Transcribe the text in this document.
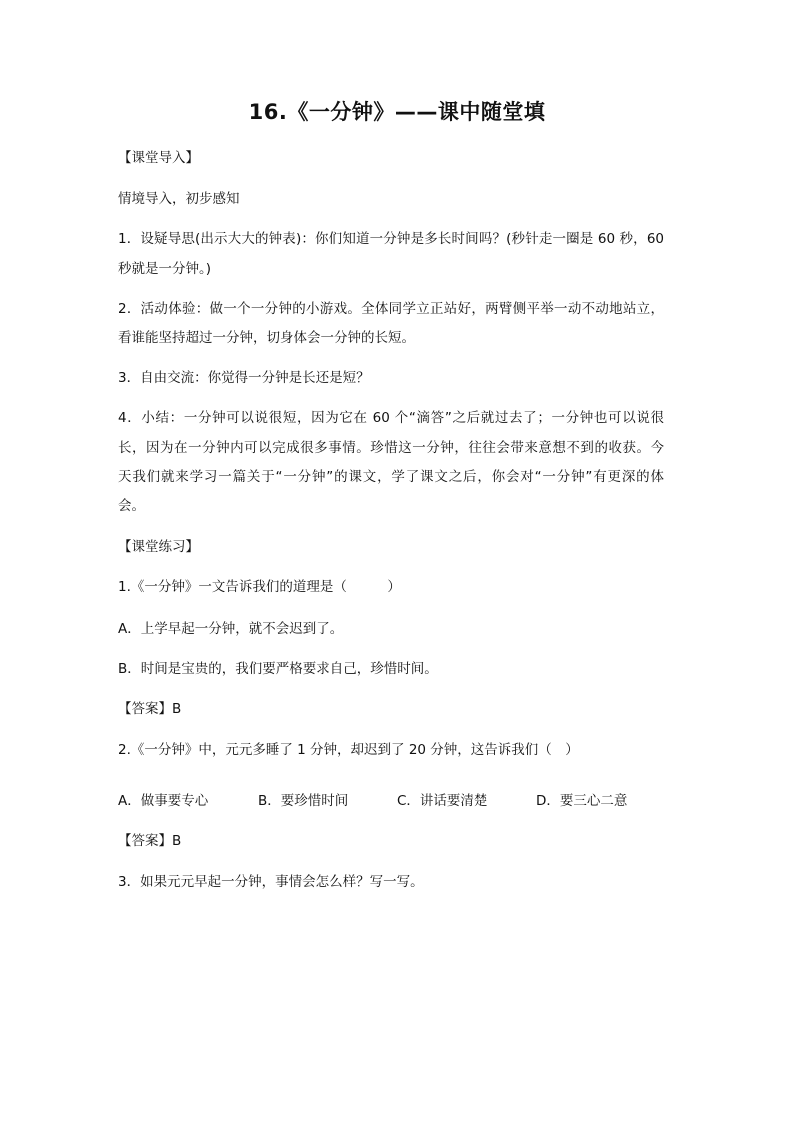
16.《一分钟》——课中随堂填
【课堂导入】
情境导入，初步感知
1．设疑导思(出示大大的钟表)：你们知道一分钟是多长时间吗？(秒针走一圈是 60 秒，60
秒就是一分钟。)
2．活动体验：做一个一分钟的小游戏。全体同学立正站好，两臂侧平举一动不动地站立，
看谁能坚持超过一分钟，切身体会一分钟的长短。
3．自由交流：你觉得一分钟是长还是短？
4．小结：一分钟可以说很短，因为它在 60 个“滴答”之后就过去了；一分钟也可以说很
长，因为在一分钟内可以完成很多事情。珍惜这一分钟，往往会带来意想不到的收获。今
天我们就来学习一篇关于“一分钟”的课文，学了课文之后，你会对“一分钟”有更深的体
会。
【课堂练习】
1.《一分钟》一文告诉我们的道理是（　　　）
A．上学早起一分钟，就不会迟到了。
B．时间是宝贵的，我们要严格要求自己，珍惜时间。
【答案】B
2.《一分钟》中，元元多睡了 1 分钟，却迟到了 20 分钟，这告诉我们（　）
A．做事要专心	B．要珍惜时间	C．讲话要清楚	D．要三心二意
【答案】B
3．如果元元早起一分钟，事情会怎么样？写一写。
